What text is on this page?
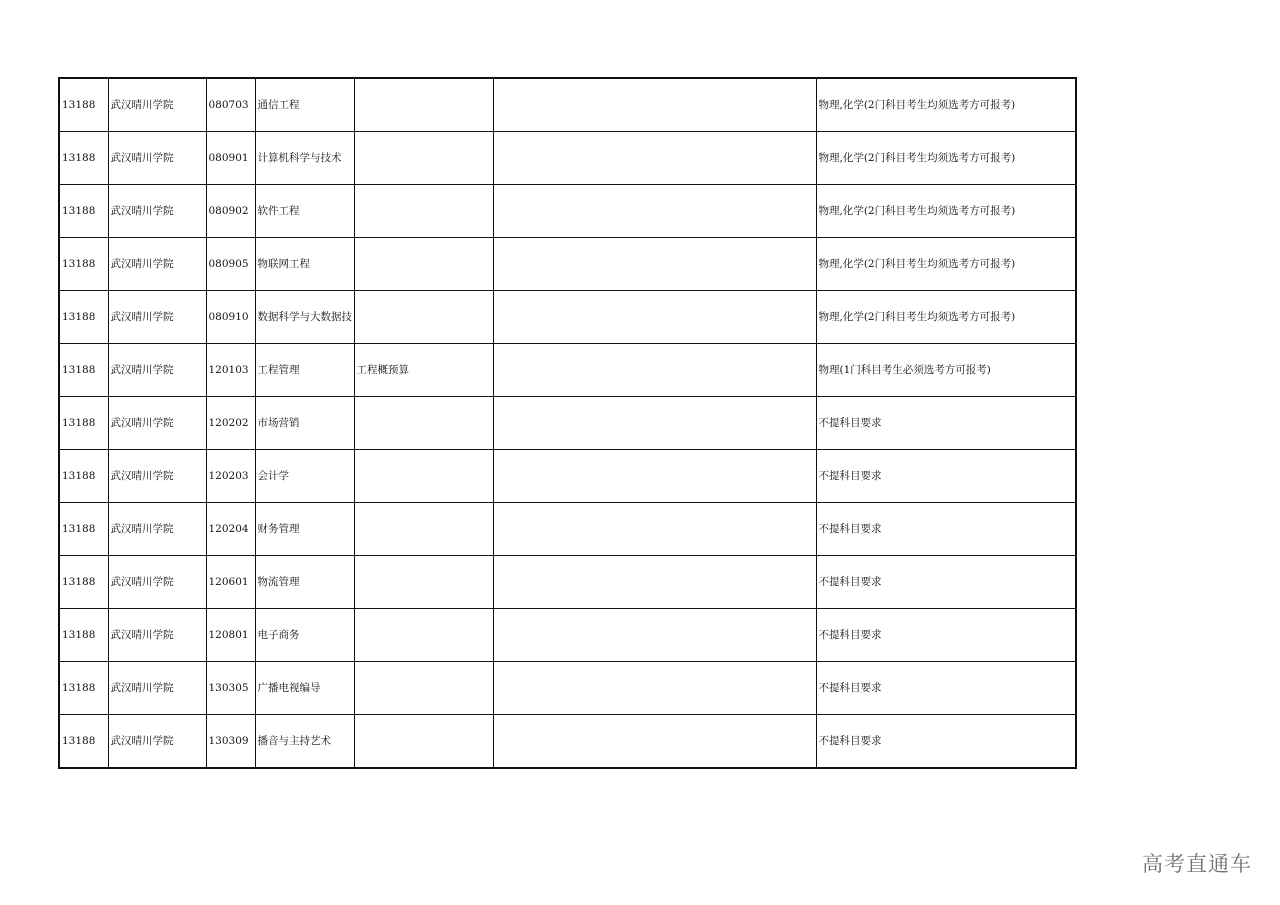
13188	武汉晴川学院	080703	通信工程			物理,化学(2门科目考生均须选考方可报考)
13188	武汉晴川学院	080901	计算机科学与技术			物理,化学(2门科目考生均须选考方可报考)
13188	武汉晴川学院	080902	软件工程			物理,化学(2门科目考生均须选考方可报考)
13188	武汉晴川学院	080905	物联网工程			物理,化学(2门科目考生均须选考方可报考)
13188	武汉晴川学院	080910	数据科学与大数据技			物理,化学(2门科目考生均须选考方可报考)
13188	武汉晴川学院	120103	工程管理	工程概预算		物理(1门科目考生必须选考方可报考)
13188	武汉晴川学院	120202	市场营销			不提科目要求
13188	武汉晴川学院	120203	会计学			不提科目要求
13188	武汉晴川学院	120204	财务管理			不提科目要求
13188	武汉晴川学院	120601	物流管理			不提科目要求
13188	武汉晴川学院	120801	电子商务			不提科目要求
13188	武汉晴川学院	130305	广播电视编导			不提科目要求
13188	武汉晴川学院	130309	播音与主持艺术			不提科目要求
高考直通车
